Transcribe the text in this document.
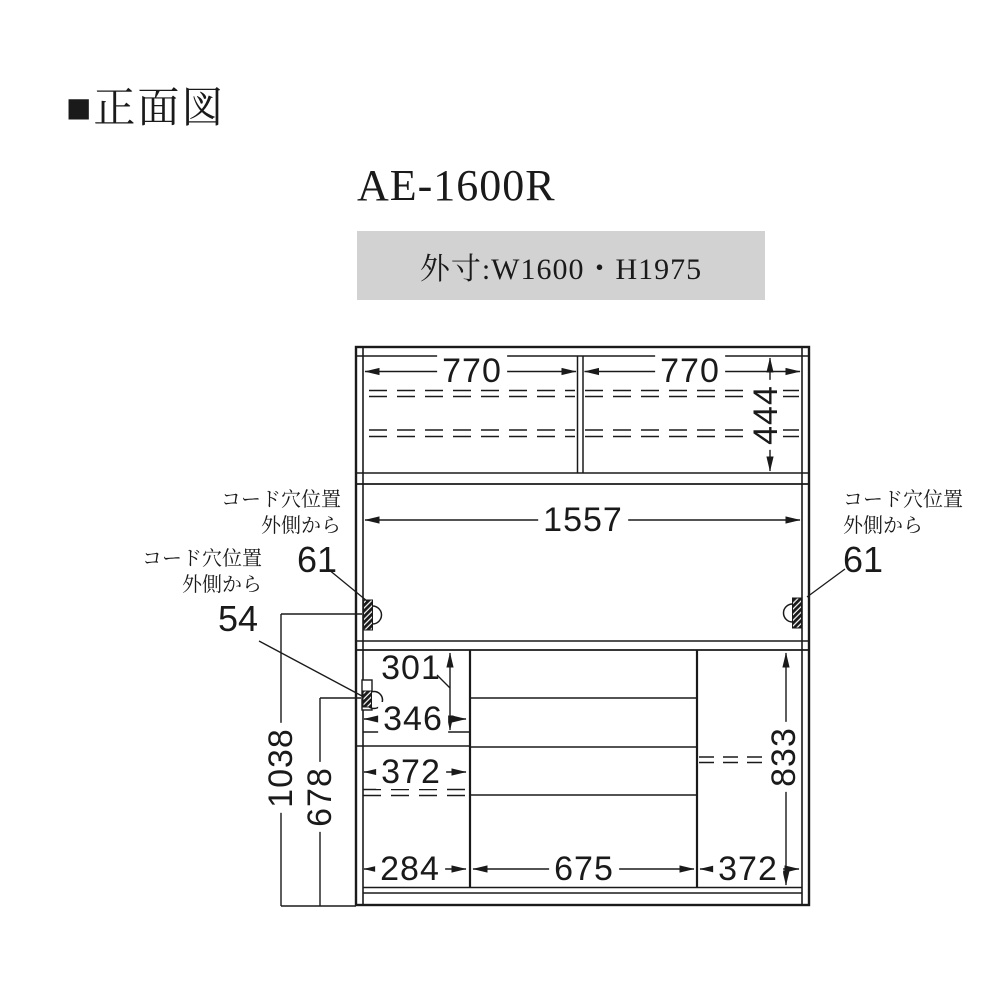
■正面図
AE-1600R
外寸:W1600・H1975
770	770
444
1557
301
346
372
284	675	372
833
1038 678
コード穴位置
外側から
61
コード穴位置
外側から
54
コード穴位置
外側から
61
